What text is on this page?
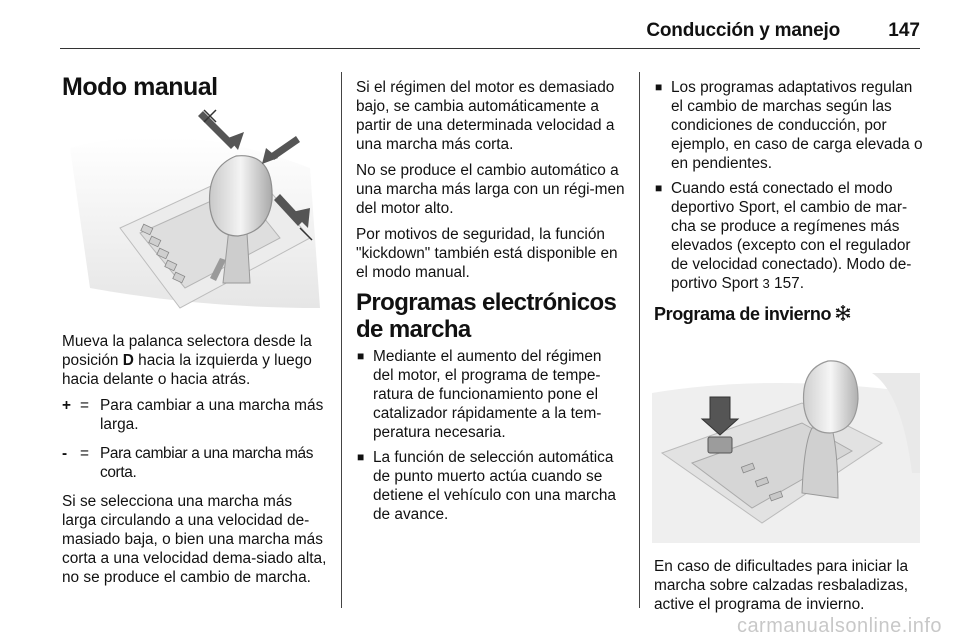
Conducción y manejo	147
Modo manual

Mueva la palanca selectora desde la posición D hacia la izquierda y luego hacia delante o hacia atrás.

+ = Para cambiar a una marcha más larga.
- = Para cambiar a una marcha más corta.

Si se selecciona una marcha más larga circulando a una velocidad de-masiado baja, o bien una marcha más corta a una velocidad dema-siado alta, no se produce el cambio de marcha.

Si el régimen del motor es demasiado bajo, se cambia automáticamente a partir de una determinada velocidad a una marcha más corta.

No se produce el cambio automático a una marcha más larga con un régi-men del motor alto.

Por motivos de seguridad, la función "kickdown" también está disponible en el modo manual.

Programas electrónicos de marcha
■ Mediante el aumento del régimen del motor, el programa de tempe-ratura de funcionamiento pone el catalizador rápidamente a la tem-peratura necesaria.
■ La función de selección automática de punto muerto actúa cuando se detiene el vehículo con una marcha de avance.
■ Los programas adaptativos regulan el cambio de marchas según las condiciones de conducción, por ejemplo, en caso de carga elevada o en pendientes.
■ Cuando está conectado el modo deportivo Sport, el cambio de mar-cha se produce a regímenes más elevados (excepto con el regulador de velocidad conectado). Modo de-portivo Sport 3 157.
Programa de invierno

En caso de dificultades para iniciar la marcha sobre calzadas resbaladizas, active el programa de invierno.

carmanualsonline.info
